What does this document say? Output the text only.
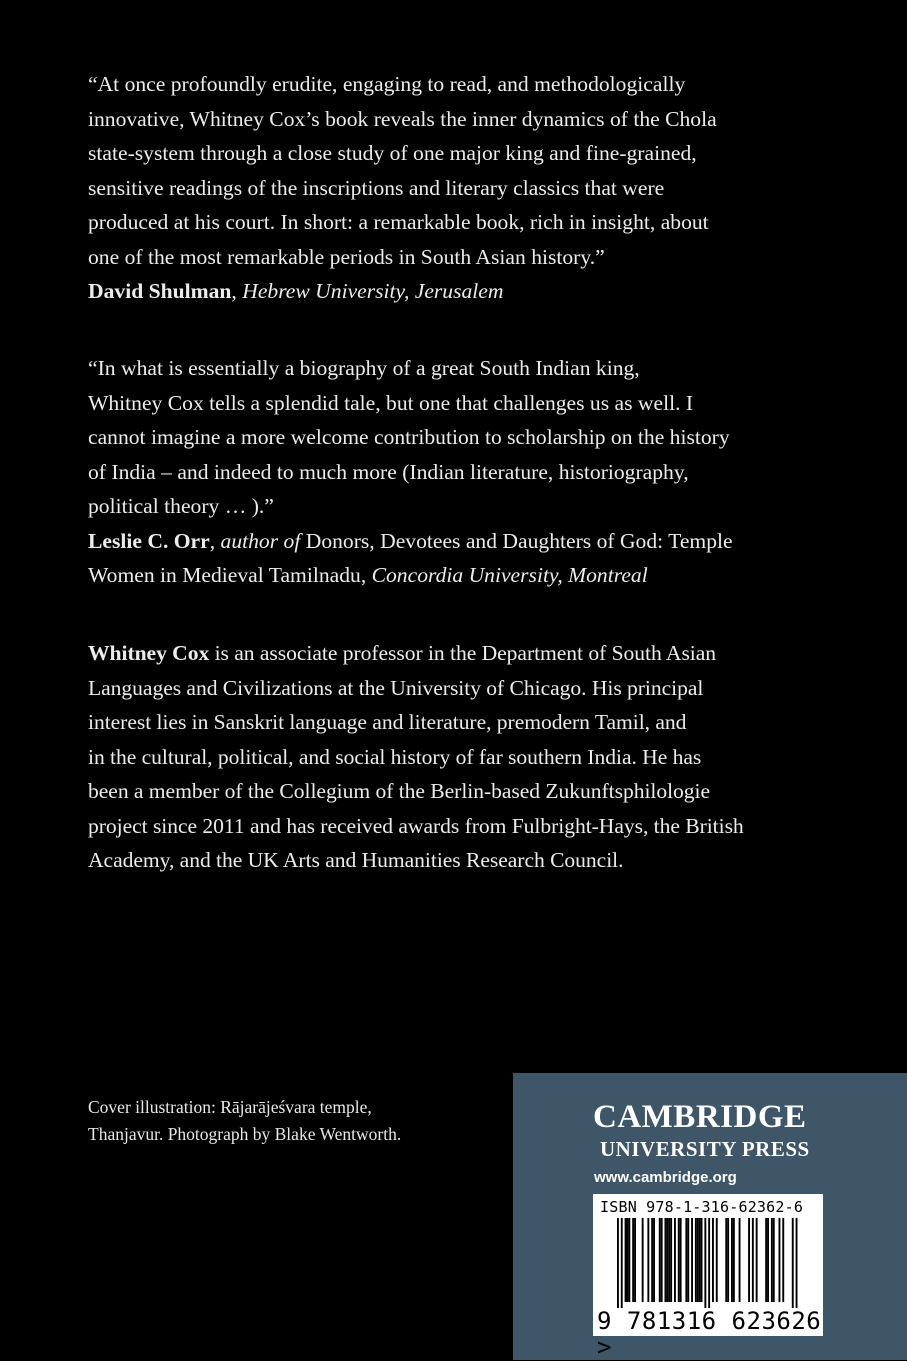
“At once profoundly erudite, engaging to read, and methodologically
innovative, Whitney Cox’s book reveals the inner dynamics of the Chola
state-system through a close study of one major king and fine-grained,
sensitive readings of the inscriptions and literary classics that were
produced at his court. In short: a remarkable book, rich in insight, about
one of the most remarkable periods in South Asian history.”
David Shulman, Hebrew University, Jerusalem
“In what is essentially a biography of a great South Indian king,
Whitney Cox tells a splendid tale, but one that challenges us as well. I
cannot imagine a more welcome contribution to scholarship on the history
of India – and indeed to much more (Indian literature, historiography,
political theory … ).”
Leslie C. Orr, author of Donors, Devotees and Daughters of God: Temple
Women in Medieval Tamilnadu, Concordia University, Montreal
Whitney Cox is an associate professor in the Department of South Asian
Languages and Civilizations at the University of Chicago. His principal
interest lies in Sanskrit language and literature, premodern Tamil, and
in the cultural, political, and social history of far southern India. He has
been a member of the Collegium of the Berlin-based Zukunftsphilologie
project since 2011 and has received awards from Fulbright-Hays, the British
Academy, and the UK Arts and Humanities Research Council.
Cover illustration: Rājarājeśvara temple,
Thanjavur. Photograph by Blake Wentworth.	CAMBRIDGE
UNIVERSITY PRESS
www.cambridge.org
ISBN 978-1-316-62362-6
9 781316 623626 >
